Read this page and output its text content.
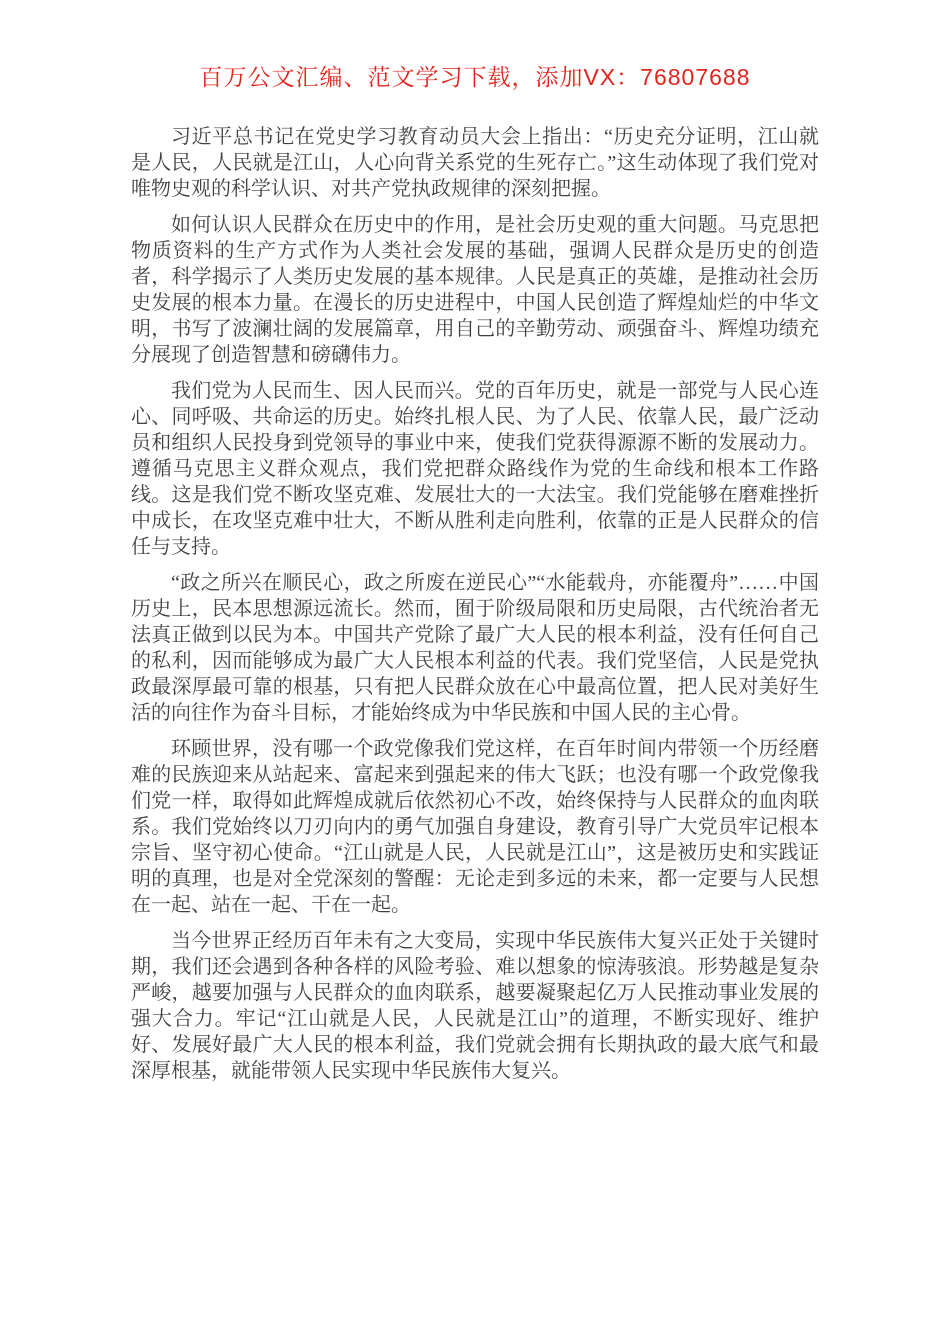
百万公文汇编、范文学习下载，添加VX：76807688

习近平总书记在党史学习教育动员大会上指出：“历史充分证明，江山就是人民，人民就是江山，人心向背关系党的生死存亡。”这生动体现了我们党对唯物史观的科学认识、对共产党执政规律的深刻把握。

如何认识人民群众在历史中的作用，是社会历史观的重大问题。马克思把物质资料的生产方式作为人类社会发展的基础，强调人民群众是历史的创造者，科学揭示了人类历史发展的基本规律。人民是真正的英雄，是推动社会历史发展的根本力量。在漫长的历史进程中，中国人民创造了辉煌灿烂的中华文明，书写了波澜壮阔的发展篇章，用自己的辛勤劳动、顽强奋斗、辉煌功绩充分展现了创造智慧和磅礴伟力。

我们党为人民而生、因人民而兴。党的百年历史，就是一部党与人民心连心、同呼吸、共命运的历史。始终扎根人民、为了人民、依靠人民，最广泛动员和组织人民投身到党领导的事业中来，使我们党获得源源不断的发展动力。遵循马克思主义群众观点，我们党把群众路线作为党的生命线和根本工作路线。这是我们党不断攻坚克难、发展壮大的一大法宝。我们党能够在磨难挫折中成长，在攻坚克难中壮大，不断从胜利走向胜利，依靠的正是人民群众的信任与支持。

“政之所兴在顺民心，政之所废在逆民心”“水能载舟，亦能覆舟”……中国历史上，民本思想源远流长。然而，囿于阶级局限和历史局限，古代统治者无法真正做到以民为本。中国共产党除了最广大人民的根本利益，没有任何自己的私利，因而能够成为最广大人民根本利益的代表。我们党坚信，人民是党执政最深厚最可靠的根基，只有把人民群众放在心中最高位置，把人民对美好生活的向往作为奋斗目标，才能始终成为中华民族和中国人民的主心骨。

环顾世界，没有哪一个政党像我们党这样，在百年时间内带领一个历经磨难的民族迎来从站起来、富起来到强起来的伟大飞跃；也没有哪一个政党像我们党一样，取得如此辉煌成就后依然初心不改，始终保持与人民群众的血肉联系。我们党始终以刀刃向内的勇气加强自身建设，教育引导广大党员牢记根本宗旨、坚守初心使命。“江山就是人民，人民就是江山”，这是被历史和实践证明的真理，也是对全党深刻的警醒：无论走到多远的未来，都一定要与人民想在一起、站在一起、干在一起。

当今世界正经历百年未有之大变局，实现中华民族伟大复兴正处于关键时期，我们还会遇到各种各样的风险考验、难以想象的惊涛骇浪。形势越是复杂严峻，越要加强与人民群众的血肉联系，越要凝聚起亿万人民推动事业发展的强大合力。牢记“江山就是人民，人民就是江山”的道理，不断实现好、维护好、发展好最广大人民的根本利益，我们党就会拥有长期执政的最大底气和最深厚根基，就能带领人民实现中华民族伟大复兴。
